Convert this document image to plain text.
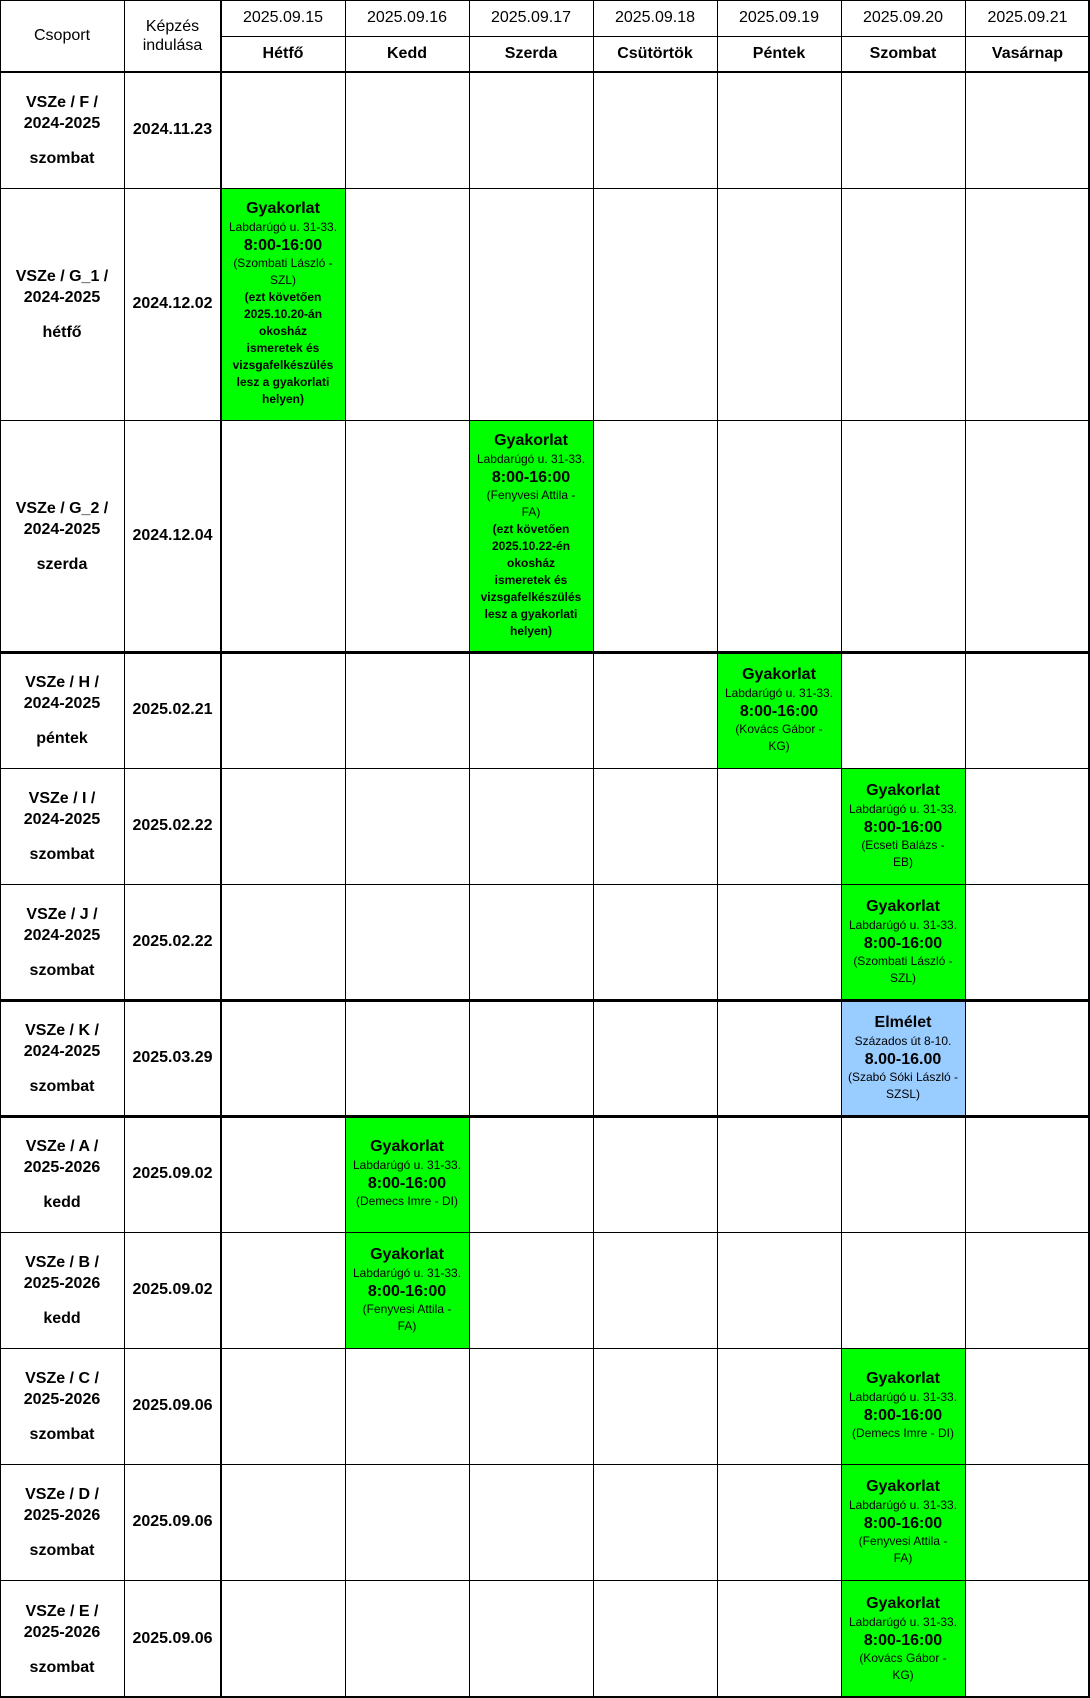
Csoport
Képzés indulása
2025.09.15
Hétfő
2025.09.16
Kedd
2025.09.17
Szerda
2025.09.18
Csütörtök
2025.09.19
Péntek
2025.09.20
Szombat
2025.09.21
Vasárnap
VSZe / F /
2024-2025
szombat
2024.11.23
VSZe / G_1 /
2024-2025
hétfő
2024.12.02
Gyakorlat
Labdarúgó u. 31-33.
8:00-16:00
(Szombati László -
SZL)
(ezt követően
2025.10.20-án
okosház
ismeretek és
vizsgafelkészülés
lesz a gyakorlati
helyen)
VSZe / G_2 /
2024-2025
szerda
2024.12.04
Gyakorlat
Labdarúgó u. 31-33.
8:00-16:00
(Fenyvesi Attila -
FA)
(ezt követően
2025.10.22-én
okosház
ismeretek és
vizsgafelkészülés
lesz a gyakorlati
helyen)
VSZe / H /
2024-2025
péntek
2025.02.21
Gyakorlat
Labdarúgó u. 31-33.
8:00-16:00
(Kovács Gábor -
KG)
VSZe / I /
2024-2025
szombat
2025.02.22
Gyakorlat
Labdarúgó u. 31-33.
8:00-16:00
(Ecseti Balázs -
EB)
VSZe / J /
2024-2025
szombat
2025.02.22
Gyakorlat
Labdarúgó u. 31-33.
8:00-16:00
(Szombati László -
SZL)
VSZe / K /
2024-2025
szombat
2025.03.29
Elmélet
Százados út 8-10.
8.00-16.00
(Szabó Sóki László -
SZSL)
VSZe / A /
2025-2026
kedd
2025.09.02
Gyakorlat
Labdarúgó u. 31-33.
8:00-16:00
(Demecs Imre - DI)
VSZe / B /
2025-2026
kedd
2025.09.02
Gyakorlat
Labdarúgó u. 31-33.
8:00-16:00
(Fenyvesi Attila -
FA)
VSZe / C /
2025-2026
szombat
2025.09.06
Gyakorlat
Labdarúgó u. 31-33.
8:00-16:00
(Demecs Imre - DI)
VSZe / D /
2025-2026
szombat
2025.09.06
Gyakorlat
Labdarúgó u. 31-33.
8:00-16:00
(Fenyvesi Attila -
FA)
VSZe / E /
2025-2026
szombat
2025.09.06
Gyakorlat
Labdarúgó u. 31-33.
8:00-16:00
(Kovács Gábor -
KG)
